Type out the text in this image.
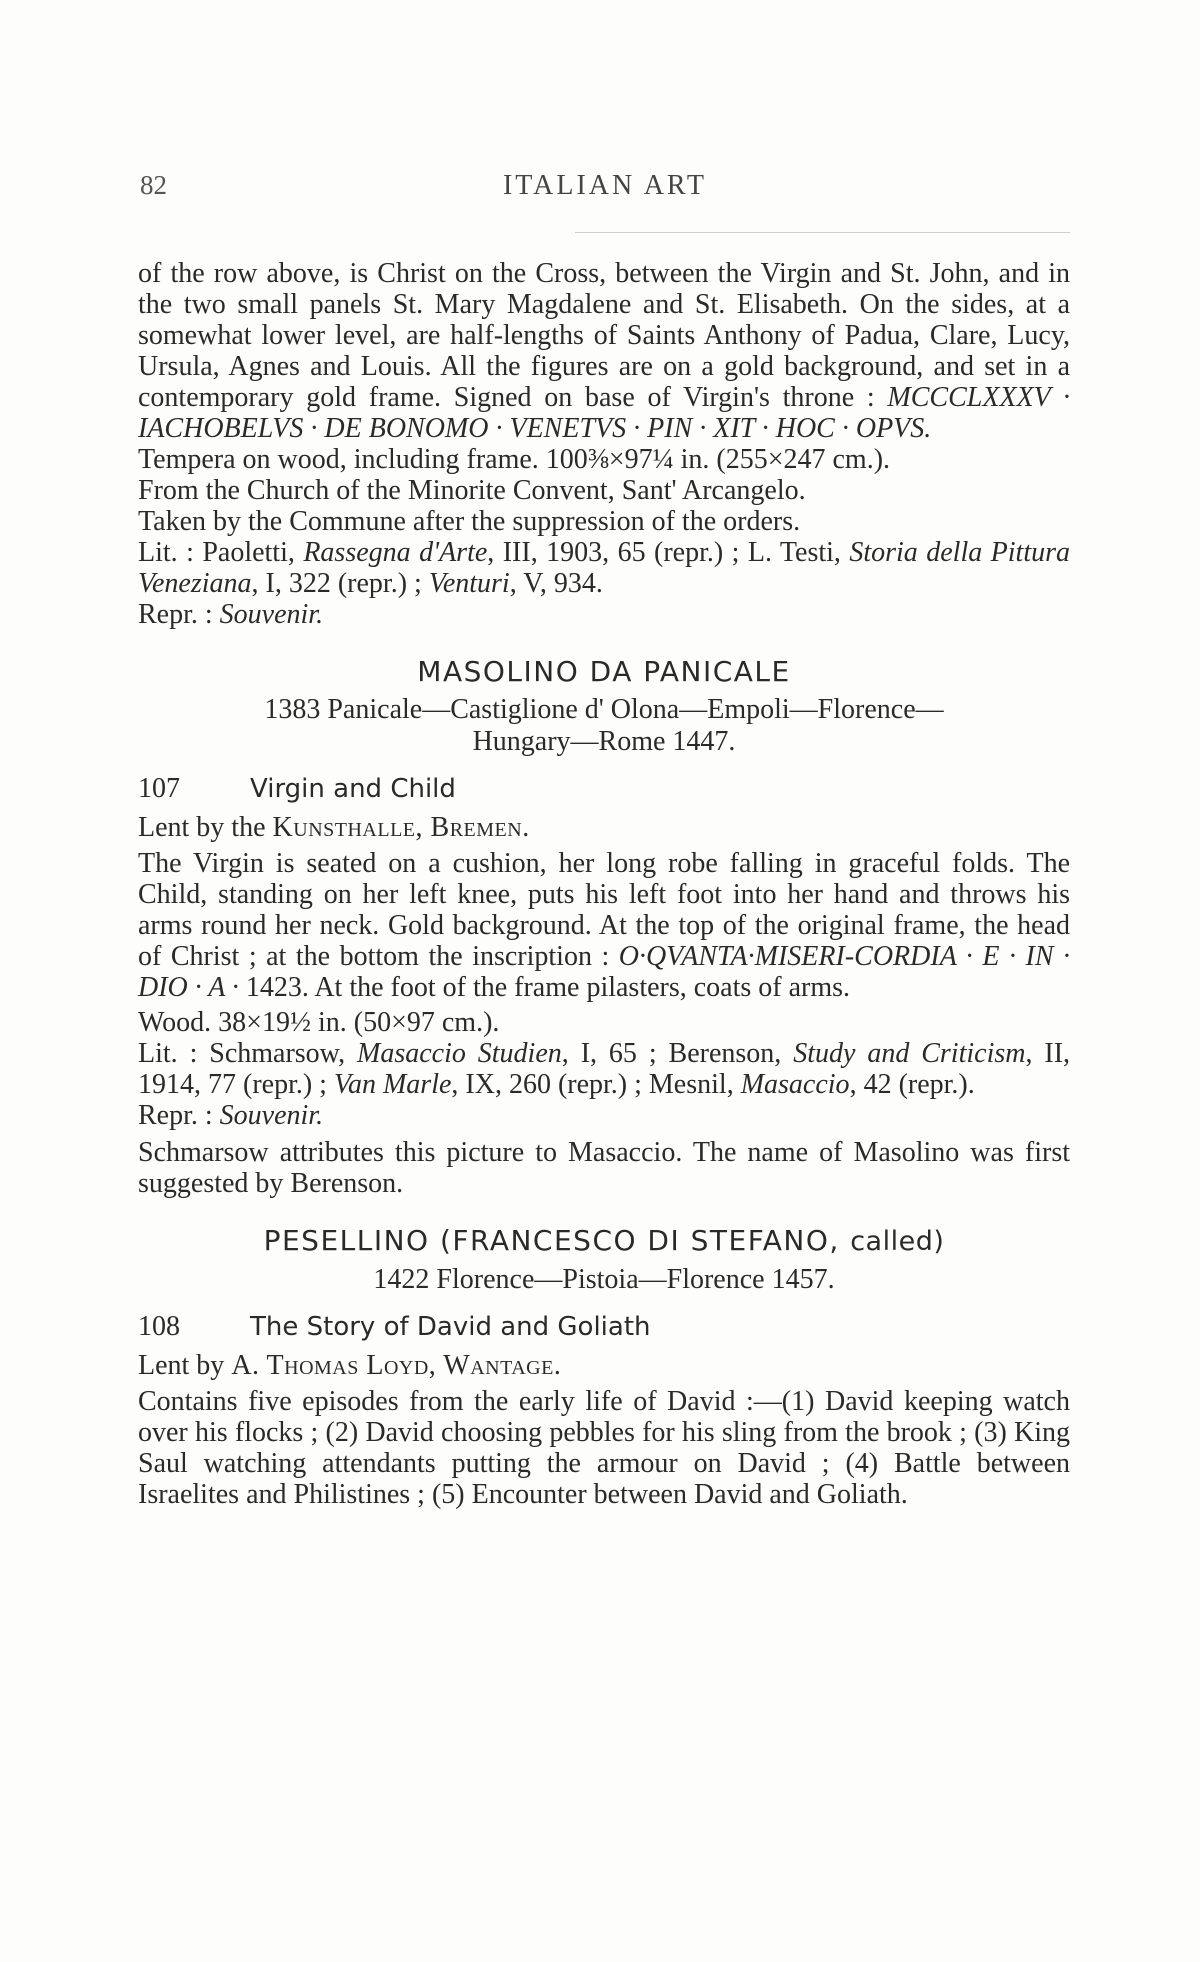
82	ITALIAN ART

of the row above, is Christ on the Cross, between the Virgin and St. John, and in the two small panels St. Mary Magdalene and St. Elisabeth. On the sides, at a somewhat lower level, are half-lengths of Saints Anthony of Padua, Clare, Lucy, Ursula, Agnes and Louis. All the figures are on a gold background, and set in a contemporary gold frame. Signed on base of Virgin's throne : MCCCLXXXV · IACHOBELVS · DE BONOMO · VENETVS · PIN · XIT · HOC · OPVS.

Tempera on wood, including frame. 100⅜×97¼ in. (255×247 cm.).

From the Church of the Minorite Convent, Sant' Arcangelo.

Taken by the Commune after the suppression of the orders.

Lit. : Paoletti, Rassegna d'Arte, III, 1903, 65 (repr.) ; L. Testi, Storia della Pittura Veneziana, I, 322 (repr.) ; Venturi, V, 934.

Repr. : Souvenir.

MASOLINO DA PANICALE
1383 Panicale—Castiglione d' Olona—Empoli—Florence—
Hungary—Rome 1447.
107	Virgin and Child
Lent by the Kunsthalle, Bremen.

The Virgin is seated on a cushion, her long robe falling in graceful folds. The Child, standing on her left knee, puts his left foot into her hand and throws his arms round her neck. Gold background. At the top of the original frame, the head of Christ ; at the bottom the inscription : O·QVANTA·MISERI-CORDIA · E · IN · DIO · A · 1423. At the foot of the frame pilasters, coats of arms.

Wood. 38×19½ in. (50×97 cm.).

Lit. : Schmarsow, Masaccio Studien, I, 65 ; Berenson, Study and Criticism, II, 1914, 77 (repr.) ; Van Marle, IX, 260 (repr.) ; Mesnil, Masaccio, 42 (repr.).

Repr. : Souvenir.

Schmarsow attributes this picture to Masaccio. The name of Masolino was first suggested by Berenson.

PESELLINO (FRANCESCO DI STEFANO, called)
1422 Florence—Pistoia—Florence 1457.
108	The Story of David and Goliath
Lent by A. Thomas Loyd, Wantage.

Contains five episodes from the early life of David :—(1) David keeping watch over his flocks ; (2) David choosing pebbles for his sling from the brook ; (3) King Saul watching attendants putting the armour on David ; (4) Battle between Israelites and Philistines ; (5) Encounter between David and Goliath.
